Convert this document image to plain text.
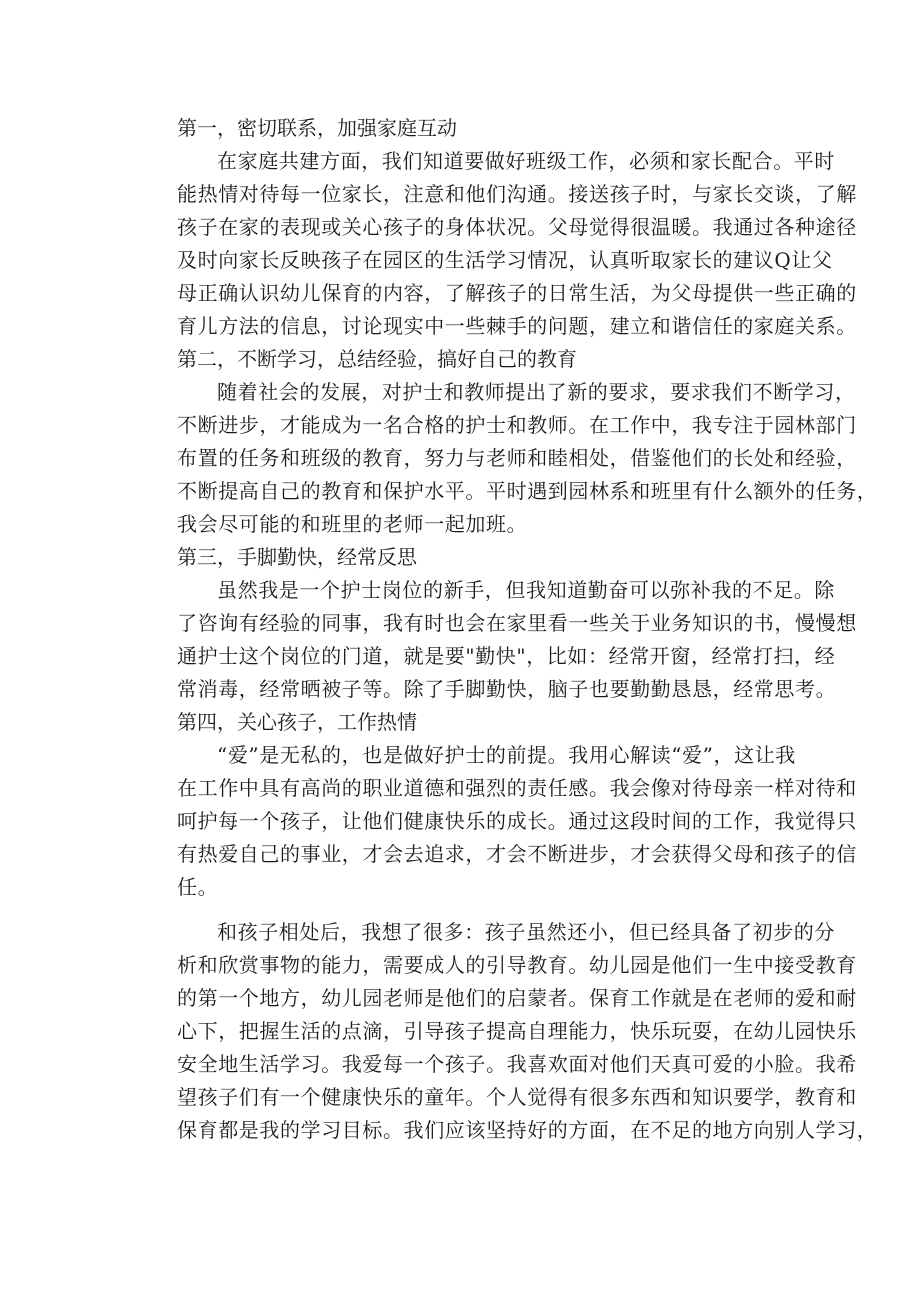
第一，密切联系，加强家庭互动

在家庭共建方面，我们知道要做好班级工作，必须和家长配合。平时
能热情对待每一位家长，注意和他们沟通。接送孩子时，与家长交谈，了解
孩子在家的表现或关心孩子的身体状况。父母觉得很温暖。我通过各种途径
及时向家长反映孩子在园区的生活学习情况，认真听取家长的建议Q让父
母正确认识幼儿保育的内容，了解孩子的日常生活，为父母提供一些正确的
育儿方法的信息，讨论现实中一些棘手的问题，建立和谐信任的家庭关系。

第二，不断学习，总结经验，搞好自己的教育

随着社会的发展，对护士和教师提出了新的要求，要求我们不断学习，
不断进步，才能成为一名合格的护士和教师。在工作中，我专注于园林部门
布置的任务和班级的教育，努力与老师和睦相处，借鉴他们的长处和经验，
不断提高自己的教育和保护水平。平时遇到园林系和班里有什么额外的任务，
我会尽可能的和班里的老师一起加班。

第三，手脚勤快，经常反思

虽然我是一个护士岗位的新手，但我知道勤奋可以弥补我的不足。除
了咨询有经验的同事，我有时也会在家里看一些关于业务知识的书，慢慢想
通护士这个岗位的门道，就是要"勤快"，比如：经常开窗，经常打扫，经
常消毒，经常晒被子等。除了手脚勤快，脑子也要勤勤恳恳，经常思考。

第四，关心孩子，工作热情

“爱”是无私的，也是做好护士的前提。我用心解读“爱”，这让我
在工作中具有高尚的职业道德和强烈的责任感。我会像对待母亲一样对待和
呵护每一个孩子，让他们健康快乐的成长。通过这段时间的工作，我觉得只
有热爱自己的事业，才会去追求，才会不断进步，才会获得父母和孩子的信
任。
和孩子相处后，我想了很多：孩子虽然还小，但已经具备了初步的分
析和欣赏事物的能力，需要成人的引导教育。幼儿园是他们一生中接受教育
的第一个地方，幼儿园老师是他们的启蒙者。保育工作就是在老师的爱和耐
心下，把握生活的点滴，引导孩子提高自理能力，快乐玩耍，在幼儿园快乐
安全地生活学习。我爱每一个孩子。我喜欢面对他们天真可爱的小脸。我希
望孩子们有一个健康快乐的童年。个人觉得有很多东西和知识要学，教育和
保育都是我的学习目标。我们应该坚持好的方面，在不足的地方向别人学习，
